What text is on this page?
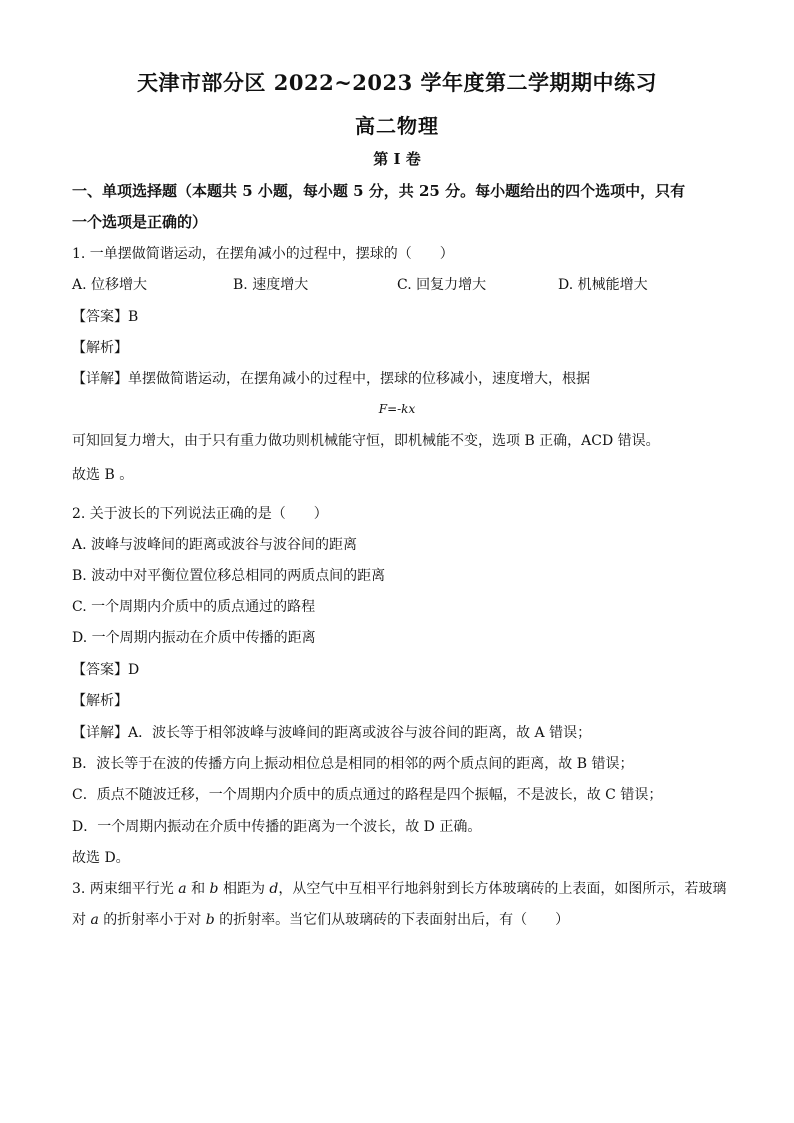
天津市部分区 2022~2023 学年度第二学期期中练习
高二物理
第 I 卷
一、单项选择题（本题共 5 小题，每小题 5 分，共 25 分。每小题给出的四个选项中，只有
一个选项是正确的）
1. 一单摆做简谐运动，在摆角减小的过程中，摆球的（　　）
A. 位移增大	B. 速度增大	C. 回复力增大	D. 机械能增大
【答案】B
【解析】
【详解】单摆做简谐运动，在摆角减小的过程中，摆球的位移减小，速度增大，根据
F=-kx
可知回复力增大，由于只有重力做功则机械能守恒，即机械能不变，选项 B 正确，ACD 错误。
故选 B 。
2. 关于波长的下列说法正确的是（　　）
A. 波峰与波峰间的距离或波谷与波谷间的距离
B. 波动中对平衡位置位移总相同的两质点间的距离
C. 一个周期内介质中的质点通过的路程
D. 一个周期内振动在介质中传播的距离
【答案】D
【解析】
【详解】A．波长等于相邻波峰与波峰间的距离或波谷与波谷间的距离，故 A 错误；
B．波长等于在波的传播方向上振动相位总是相同的相邻的两个质点间的距离，故 B 错误；
C．质点不随波迁移，一个周期内介质中的质点通过的路程是四个振幅，不是波长，故 C 错误；
D．一个周期内振动在介质中传播的距离为一个波长，故 D 正确。
故选 D。
3. 两束细平行光 a 和 b 相距为 d，从空气中互相平行地斜射到长方体玻璃砖的上表面，如图所示，若玻璃
对 a 的折射率小于对 b 的折射率。当它们从玻璃砖的下表面射出后，有（　　）
